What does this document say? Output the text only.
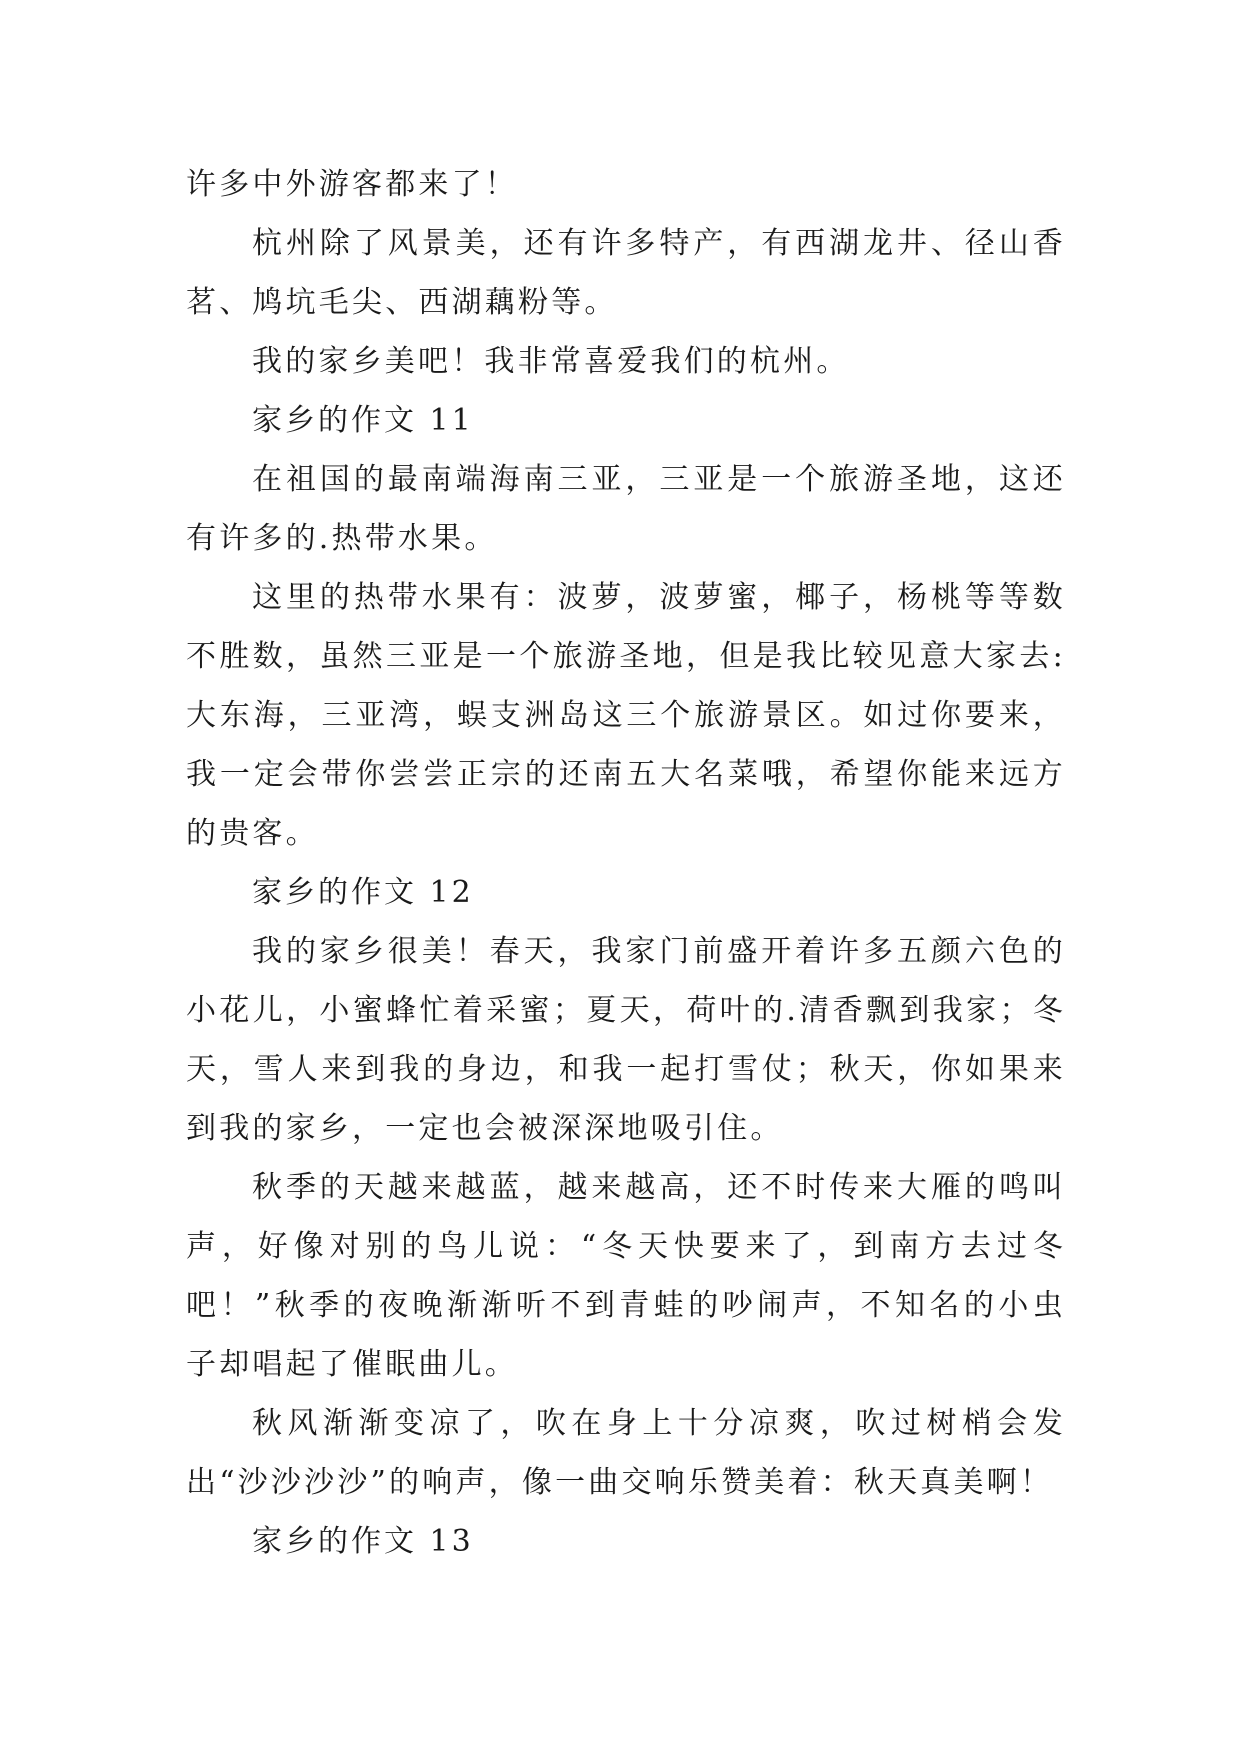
许多中外游客都来了！

杭州除了风景美，还有许多特产，有西湖龙井、径山香茗、鸠坑毛尖、西湖藕粉等。

我的家乡美吧！我非常喜爱我们的杭州。

家乡的作文 11

在祖国的最南端海南三亚，三亚是一个旅游圣地，这还有许多的.热带水果。

这里的热带水果有：波萝，波萝蜜，椰子，杨桃等等数不胜数，虽然三亚是一个旅游圣地，但是我比较见意大家去:大东海，三亚湾，蜈支洲岛这三个旅游景区。如过你要来，我一定会带你尝尝正宗的还南五大名菜哦，希望你能来远方的贵客。

家乡的作文 12

我的家乡很美！春天，我家门前盛开着许多五颜六色的小花儿，小蜜蜂忙着采蜜；夏天，荷叶的.清香飘到我家；冬天，雪人来到我的身边，和我一起打雪仗；秋天，你如果来到我的家乡，一定也会被深深地吸引住。

秋季的天越来越蓝，越来越高，还不时传来大雁的鸣叫声，好像对别的鸟儿说：“冬天快要来了，到南方去过冬吧！”秋季的夜晚渐渐听不到青蛙的吵闹声，不知名的小虫子却唱起了催眠曲儿。

秋风渐渐变凉了，吹在身上十分凉爽，吹过树梢会发出“沙沙沙沙”的响声，像一曲交响乐赞美着：秋天真美啊！

家乡的作文 13
